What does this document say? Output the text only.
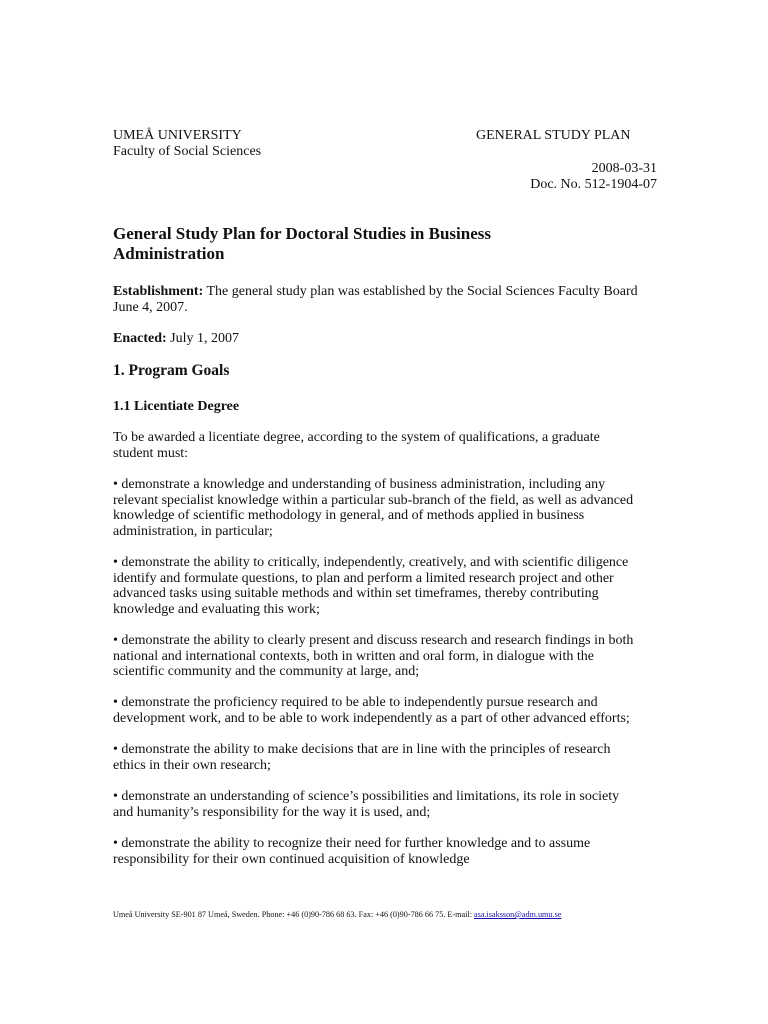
UMEÅ UNIVERSITY
Faculty of Social Sciences
GENERAL STUDY PLAN
2008-03-31
Doc. No. 512-1904-07
General Study Plan for Doctoral Studies in Business
Administration
Establishment: The general study plan was established by the Social Sciences Faculty Board
June 4, 2007.
Enacted: July 1, 2007
1. Program Goals
1.1 Licentiate Degree
To be awarded a licentiate degree, according to the system of qualifications, a graduate
student must:
• demonstrate a knowledge and understanding of business administration, including any
relevant specialist knowledge within a particular sub-branch of the field, as well as advanced
knowledge of scientific methodology in general, and of methods applied in business
administration, in particular;
• demonstrate the ability to critically, independently, creatively, and with scientific diligence
identify and formulate questions, to plan and perform a limited research project and other
advanced tasks using suitable methods and within set timeframes, thereby contributing
knowledge and evaluating this work;
• demonstrate the ability to clearly present and discuss research and research findings in both
national and international contexts, both in written and oral form, in dialogue with the
scientific community and the community at large, and;
• demonstrate the proficiency required to be able to independently pursue research and
development work, and to be able to work independently as a part of other advanced efforts;
• demonstrate the ability to make decisions that are in line with the principles of research
ethics in their own research;
• demonstrate an understanding of science’s possibilities and limitations, its role in society
and humanity’s responsibility for the way it is used, and;
• demonstrate the ability to recognize their need for further knowledge and to assume
responsibility for their own continued acquisition of knowledge
Umeå University SE-901 87 Umeå, Sweden. Phone: +46 (0)90-786 68 63. Fax: +46 (0)90-786 66 75. E-mail: asa.isaksson@adm.umu.se
